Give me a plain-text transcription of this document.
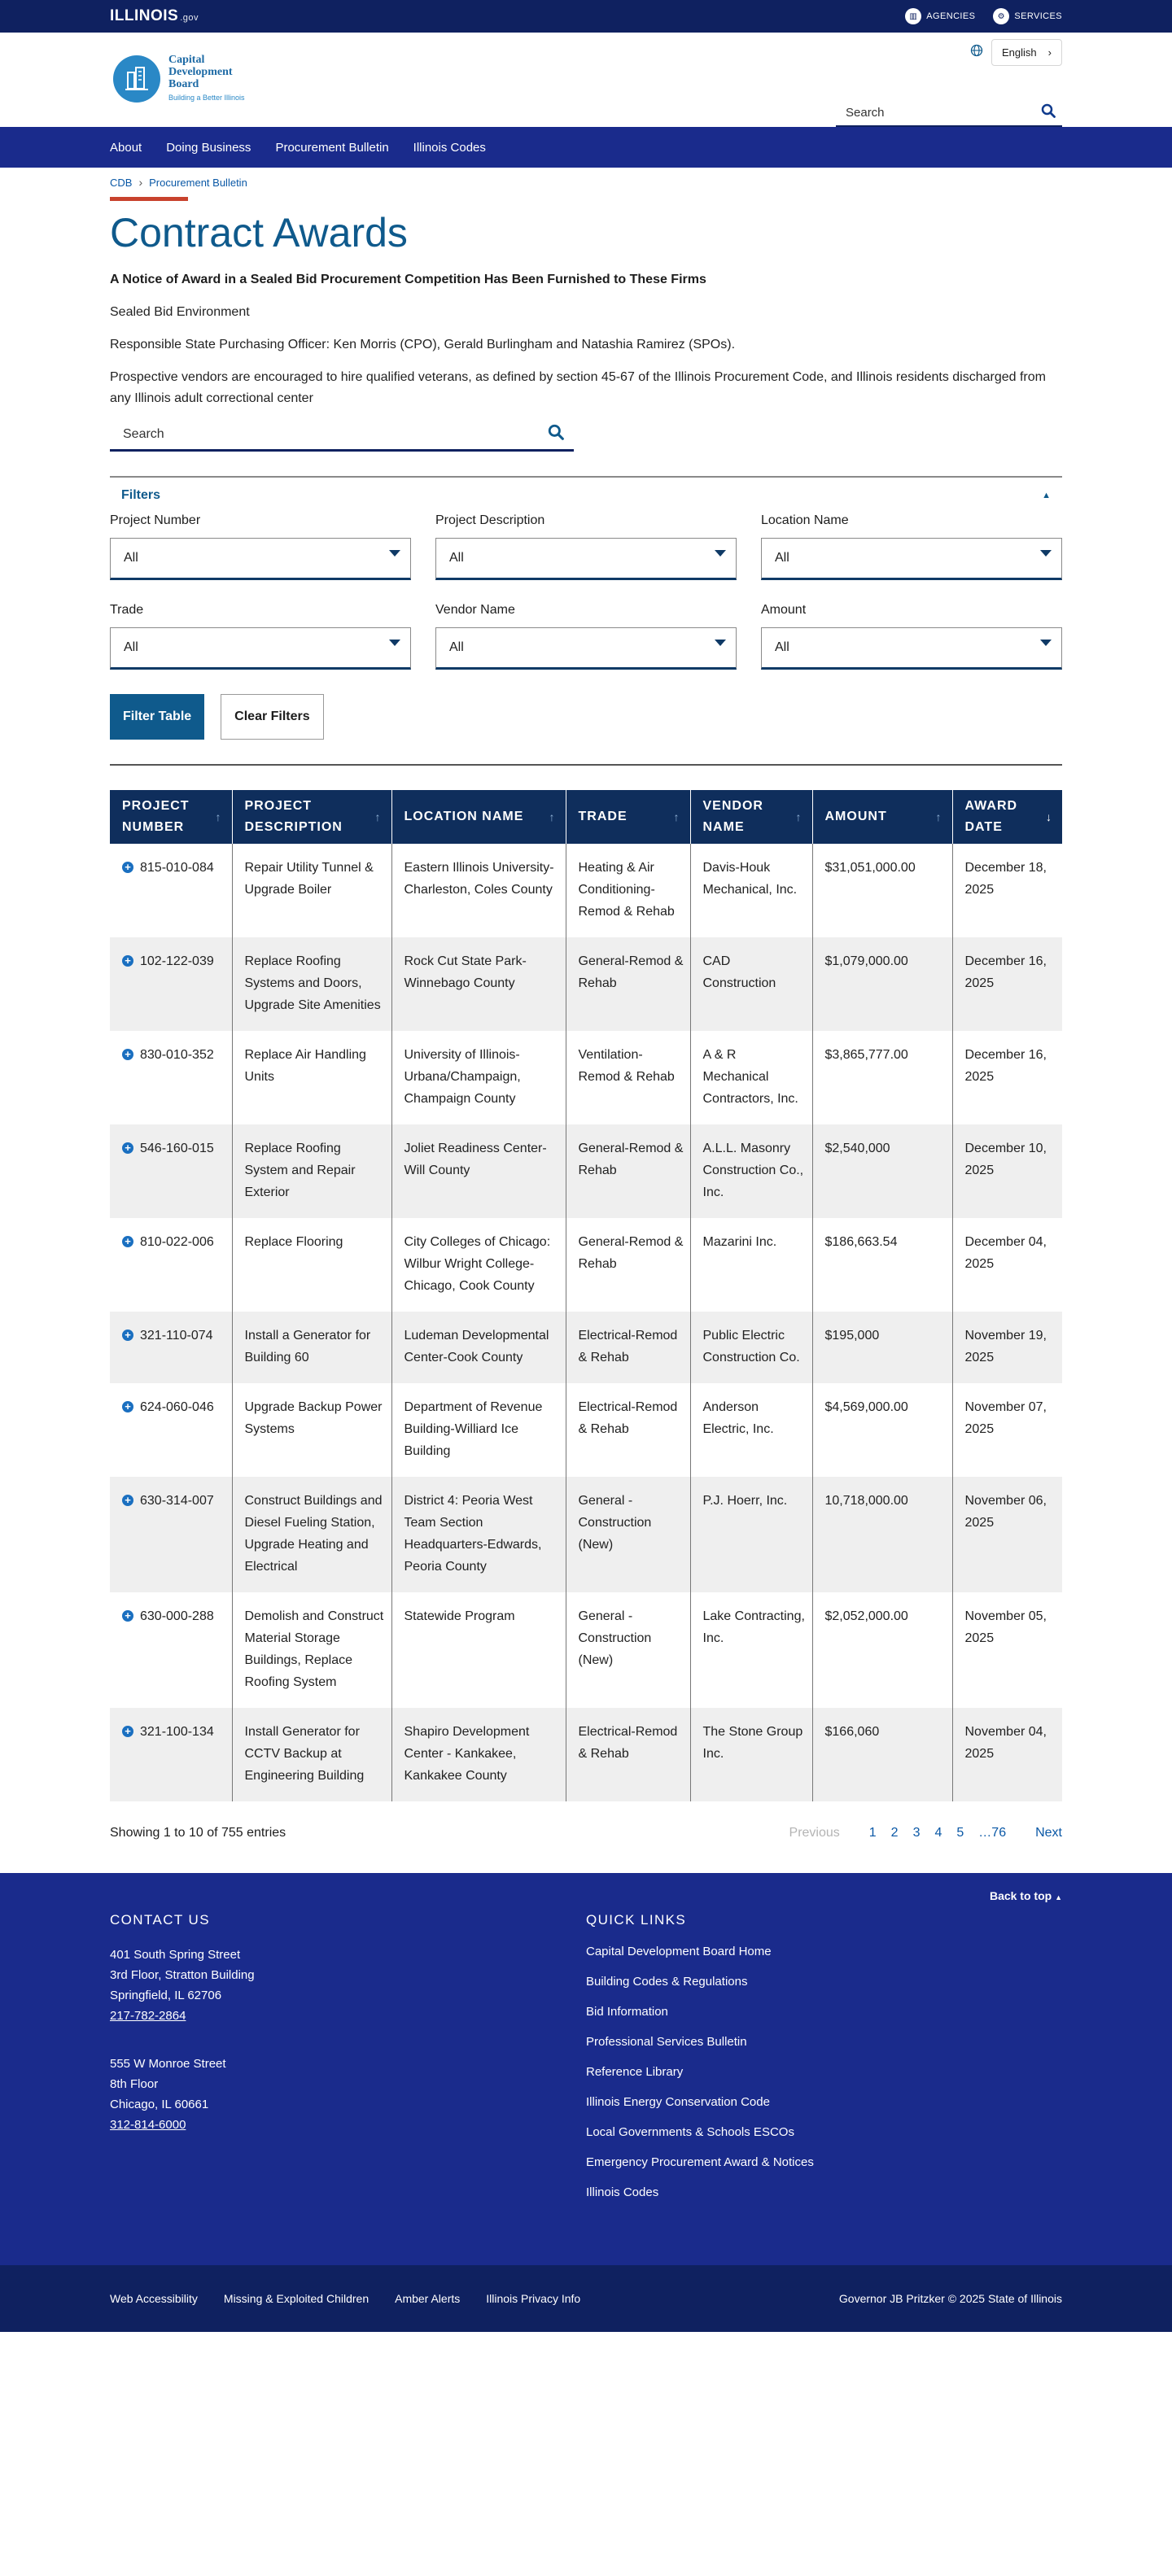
ILLINOIS .gov	▥	AGENCIES	⚙	SERVICES
Capital
Development
Board
Building a Better Illinois
English ›
Search
About Doing Business Procurement Bulletin Illinois Codes
CDB › Procurement Bulletin
Contract Awards

A Notice of Award in a Sealed Bid Procurement Competition Has Been Furnished to These Firms

Sealed Bid Environment

Responsible State Purchasing Officer: Ken Morris (CPO), Gerald Burlingham and Natashia Ramirez (SPOs).

Prospective vendors are encouraged to hire qualified veterans, as defined by section 45-67 of the Illinois Procurement Code, and Illinois residents discharged from any Illinois adult correctional center

Search
Filters	▲
Project Number
All
Project Description
All
Location Name
All
Trade
All
Vendor Name
All
Amount
All
Filter Table	Clear Filters
PROJECT NUMBER
↑	PROJECT DESCRIPTION
↑	LOCATION NAME ↑	TRADE ↑	VENDOR NAME
↑	AMOUNT ↑	AWARD DATE
↓

+ 815-010-084	Repair Utility Tunnel & Upgrade Boiler	Eastern Illinois University-Charleston, Coles County	Heating & Air Conditioning-Remod & Rehab	Davis-Houk Mechanical, Inc.	$31,051,000.00	December 18, 2025

+ 102-122-039	Replace Roofing Systems and Doors, Upgrade Site Amenities	Rock Cut State Park-Winnebago County	General-Remod & Rehab	CAD Construction	$1,079,000.00	December 16, 2025

+ 830-010-352	Replace Air Handling Units	University of Illinois-Urbana/Champaign, Champaign County	Ventilation-Remod & Rehab	A & R Mechanical Contractors, Inc.	$3,865,777.00	December 16, 2025

+ 546-160-015	Replace Roofing System and Repair Exterior	Joliet Readiness Center-Will County	General-Remod & Rehab	A.L.L. Masonry Construction Co., Inc.	$2,540,000	December 10, 2025

+ 810-022-006	Replace Flooring	City Colleges of Chicago: Wilbur Wright College-Chicago, Cook County	General-Remod & Rehab	Mazarini Inc.	$186,663.54	December 04, 2025

+ 321-110-074	Install a Generator for Building 60	Ludeman Developmental Center-Cook County	Electrical-Remod & Rehab	Public Electric Construction Co.	$195,000	November 19, 2025

+ 624-060-046	Upgrade Backup Power Systems	Department of Revenue Building-Williard Ice Building	Electrical-Remod & Rehab	Anderson Electric, Inc.	$4,569,000.00	November 07, 2025

+ 630-314-007	Construct Buildings and Diesel Fueling Station, Upgrade Heating and Electrical	District 4: Peoria West Team Section Headquarters-Edwards, Peoria County	General - Construction (New)	P.J. Hoerr, Inc.	10,718,000.00	November 06, 2025

+ 630-000-288	Demolish and Construct Material Storage Buildings, Replace Roofing System	Statewide Program	General - Construction (New)	Lake Contracting, Inc.	$2,052,000.00	November 05, 2025

+ 321-100-134	Install Generator for CCTV Backup at Engineering Building	Shapiro Development Center - Kankakee, Kankakee County	Electrical-Remod & Rehab	The Stone Group Inc.	$166,060	November 04, 2025
Showing 1 to 10 of 755 entries	Previous 1 2 3 4 5 …76 Next
Back to top ▲
CONTACT US
401 South Spring Street
3rd Floor, Stratton Building
Springfield, IL 62706
217-782-2864
555 W Monroe Street
8th Floor
Chicago, IL 60661
312-814-6000
QUICK LINKS
Capital Development Board Home
Building Codes & Regulations
Bid Information
Professional Services Bulletin
Reference Library
Illinois Energy Conservation Code
Local Governments & Schools ESCOs
Emergency Procurement Award & Notices
Illinois Codes
Web Accessibility Missing & Exploited Children Amber Alerts Illinois Privacy Info	Governor JB Pritzker © 2025 State of Illinois
